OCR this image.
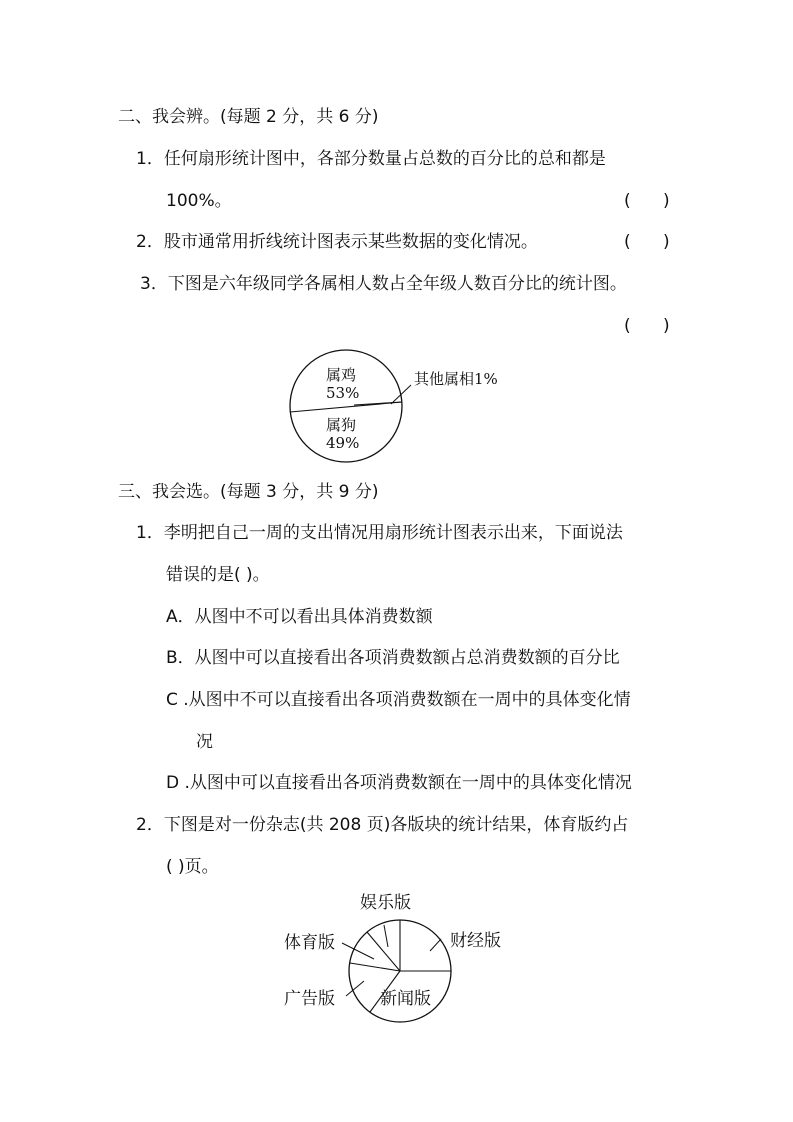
二、我会辨。(每题 2 分，共 6 分)
1．任何扇形统计图中，各部分数量占总数的百分比的总和都是
100%。	(      )
2．股市通常用折线统计图表示某些数据的变化情况。	(      )
3．下图是六年级同学各属相人数占全年级人数百分比的统计图。
(      )
属鸡
53%
属狗
49%
其他属相1%
三、我会选。(每题 3 分，共 9 分)
1．李明把自己一周的支出情况用扇形统计图表示出来，下面说法
错误的是( )。
A．从图中不可以看出具体消费数额
B．从图中可以直接看出各项消费数额占总消费数额的百分比
C .从图中不可以直接看出各项消费数额在一周中的具体变化情
况
D .从图中可以直接看出各项消费数额在一周中的具体变化情况
2．下图是对一份杂志(共 208 页)各版块的统计结果，体育版约占
( )页。
娱乐版
财经版
体育版
广告版	新闻版
